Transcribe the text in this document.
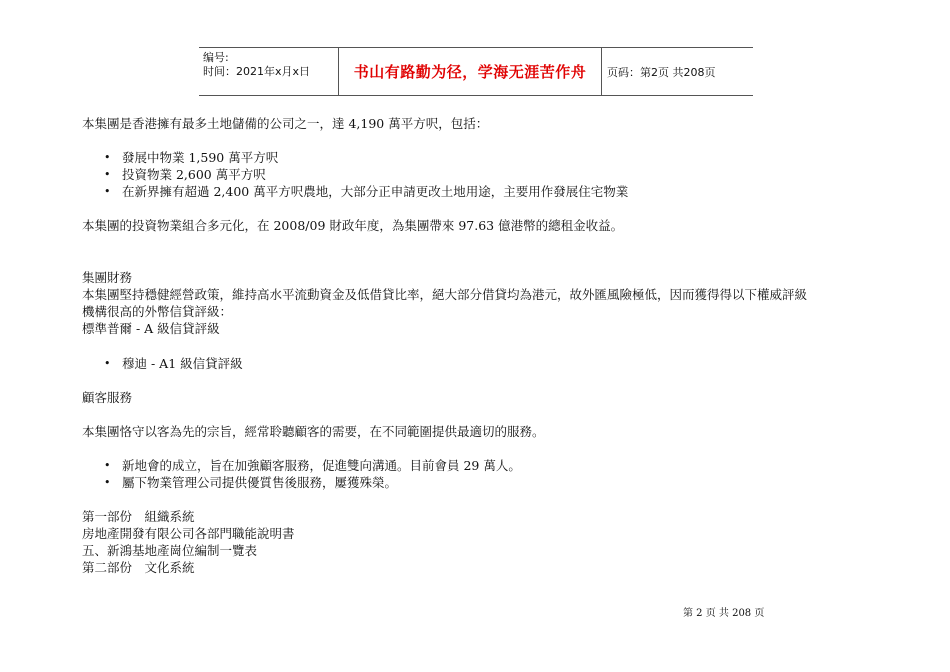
编号:
时间：2021年x月x日	书山有路勤为径，学海无涯苦作舟	页码：第2页 共208页
本集團是香港擁有最多土地儲備的公司之一，達 4,190 萬平方呎，包括：
• 發展中物業 1,590 萬平方呎
• 投資物業 2,600 萬平方呎
• 在新界擁有超過 2,400 萬平方呎農地，大部分正申請更改土地用途，主要用作發展住宅物業
本集團的投資物業組合多元化，在 2008/09 財政年度，為集團帶來 97.63 億港幣的總租金收益。
集團財務
本集團堅持穩健經營政策，維持高水平流動資金及低借貸比率，絕大部分借貸均為港元，故外匯風險極低，因而獲得得以下權威評級
機構很高的外幣信貸評級：
標準普爾 - A 級信貸評級
• 穆迪 - A1 級信貸評級
顧客服務
本集團恪守以客為先的宗旨，經常聆聽顧客的需要，在不同範圍提供最適切的服務。
• 新地會的成立，旨在加強顧客服務，促進雙向溝通。目前會員 29 萬人。
• 屬下物業管理公司提供優質售後服務，屢獲殊榮。
第一部份　組織系統
房地產開發有限公司各部門職能說明書
五、新鴻基地產崗位編制一覽表
第二部份　文化系統
第 2 页 共 208 页
